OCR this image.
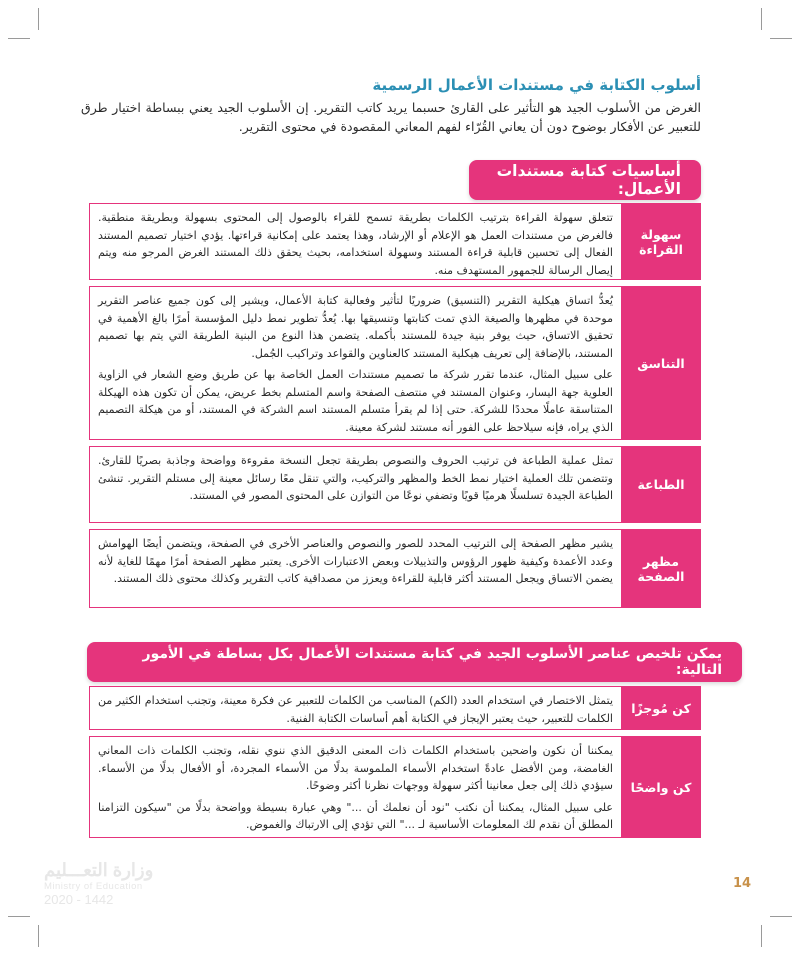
أسلوب الكتابة في مستندات الأعمال الرسمية

الغرض من الأسلوب الجيد هو التأثير على القارئ حسبما يريد كاتب التقرير. إن الأسلوب الجيد يعني ببساطة اختيار طرق للتعبير عن الأفكار بوضوح دون أن يعاني القُرّاء لفهم المعاني المقصودة في محتوى التقرير.

أساسيات كتابة مستندات الأعمال:
سهولة القراءة

تتعلق سهولة القراءة بترتيب الكلمات بطريقة تسمح للقراء بالوصول إلى المحتوى بسهولة وبطريقة منطقية. فالغرض من مستندات العمل هو الإعلام أو الإرشاد، وهذا يعتمد على إمكانية قراءتها. يؤدي اختيار تصميم المستند الفعال إلى تحسين قابلية قراءة المستند وسهولة استخدامه، بحيث يحقق ذلك المستند الغرض المرجو منه ويتم إيصال الرسالة للجمهور المستهدف منه.

التناسق

يُعدُّ اتساق هيكلية التقرير (التنسيق) ضروريًا لتأثير وفعالية كتابة الأعمال، ويشير إلى كون جميع عناصر التقرير موحدة في مظهرها والصيغة الذي تمت كتابتها وتنسيقها بها. يُعدُّ تطوير نمط دليل المؤسسة أمرًا بالغ الأهمية في تحقيق الاتساق، حيث يوفر بنية جيدة للمستند بأكمله. يتضمن هذا النوع من البنية الطريقة التي يتم بها تصميم المستند، بالإضافة إلى تعريف هيكلية المستند كالعناوين والقواعد وتراكيب الجُمل.

على سبيل المثال، عندما تقرر شركة ما تصميم مستندات العمل الخاصة بها عن طريق وضع الشعار في الزاوية العلوية جهة اليسار، وعنوان المستند في منتصف الصفحة واسم المتسلم بخط عريض، يمكن أن تكون هذه الهيكلة المتناسقة عاملًا محددًا للشركة. حتى إذا لم يقرأ متسلم المستند اسم الشركة في المستند، أو من هيكلة التصميم الذي يراه، فإنه سيلاحظ على الفور أنه مستند لشركة معينة.

الطباعة

تمثل عملية الطباعة فن ترتيب الحروف والنصوص بطريقة تجعل النسخة مقروءة وواضحة وجاذبة بصريًا للقارئ. وتتضمن تلك العملية اختيار نمط الخط والمظهر والتركيب، والتي تنقل معًا رسائل معينة إلى مستلم التقرير. تنشئ الطباعة الجيدة تسلسلًا هرميًا قويًا وتضفي نوعًا من التوازن على المحتوى المصور في المستند.

مظهر الصفحة

يشير مظهر الصفحة إلى الترتيب المحدد للصور والنصوص والعناصر الأخرى في الصفحة، ويتضمن أيضًا الهوامش وعدد الأعمدة وكيفية ظهور الرؤوس والتذييلات وبعض الاعتبارات الأخرى. يعتبر مظهر الصفحة أمرًا مهمًا للغاية لأنه يضمن الاتساق ويجعل المستند أكثر قابلية للقراءة ويعزز من مصداقية كاتب التقرير وكذلك محتوى ذلك المستند.

يمكن تلخيص عناصر الأسلوب الجيد في كتابة مستندات الأعمال بكل بساطة في الأمور التالية:
كن مُوجزًا

يتمثل الاختصار في استخدام العدد (الكم) المناسب من الكلمات للتعبير عن فكرة معينة، وتجنب استخدام الكثير من الكلمات للتعبير، حيث يعتبر الإيجاز في الكتابة أهم أساسات الكتابة الفنية.

كن واضحًا

يمكننا أن نكون واضحين باستخدام الكلمات ذات المعنى الدقيق الذي ننوي نقله، وتجنب الكلمات ذات المعاني الغامضة، ومن الأفضل عادةً استخدام الأسماء الملموسة بدلًا من الأسماء المجردة، أو الأفعال بدلًا من الأسماء. سيؤدي ذلك إلى جعل معانينا أكثر سهولة ووجهات نظرنا أكثر وضوحًا.

على سبيل المثال، يمكننا أن نكتب "نود أن نعلمك أن ..." وهي عبارة بسيطة وواضحة بدلًا من "سيكون التزامنا المطلق أن نقدم لك المعلومات الأساسية لـ ..." التي تؤدي إلى الارتباك والغموض.

وزارة التعـــليم
Ministry of Education
2020 - 1442
14
